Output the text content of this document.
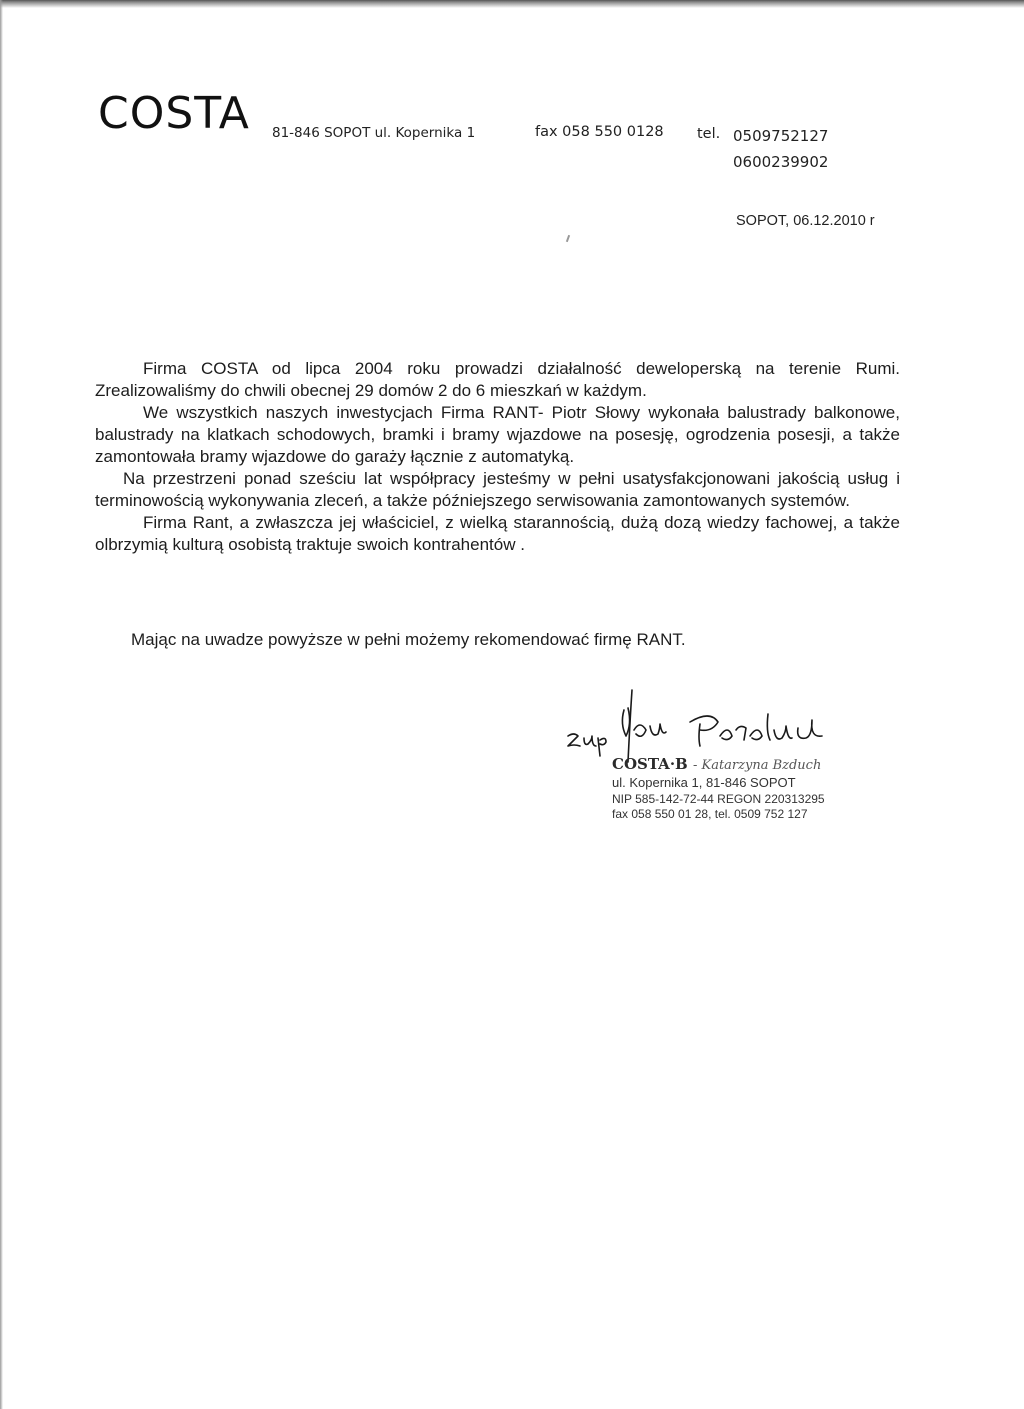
COSTA 81-846 SOPOT ul. Kopernika 1	fax 058 550 0128 tel. 0509752127
0600239902
SOPOT, 06.12.2010 r

Firma COSTA od lipca 2004 roku prowadzi działalność deweloperską na terenie Rumi. Zrealizowaliśmy do chwili obecnej 29 domów 2 do 6 mieszkań w każdym.

We wszystkich naszych inwestycjach Firma RANT- Piotr Słowy wykonała balustrady balkonowe, balustrady na klatkach schodowych, bramki i bramy wjazdowe na posesję, ogrodzenia posesji, a także zamontowała bramy wjazdowe do garaży łącznie z automatyką.

Na przestrzeni ponad sześciu lat współpracy jesteśmy w pełni usatysfakcjonowani jakością usług i terminowością wykonywania zleceń, a także późniejszego serwisowania zamontowanych systemów.

Firma Rant, a zwłaszcza jej właściciel, z wielką starannością, dużą dozą wiedzy fachowej, a także olbrzymią kulturą osobistą traktuje swoich kontrahentów .

Mając na uwadze powyższe w pełni możemy rekomendować firmę RANT.
COSTA·B - Katarzyna Bzduch
ul. Kopernika 1, 81-846 SOPOT
NIP 585-142-72-44 REGON 220313295
fax 058 550 01 28, tel. 0509 752 127
